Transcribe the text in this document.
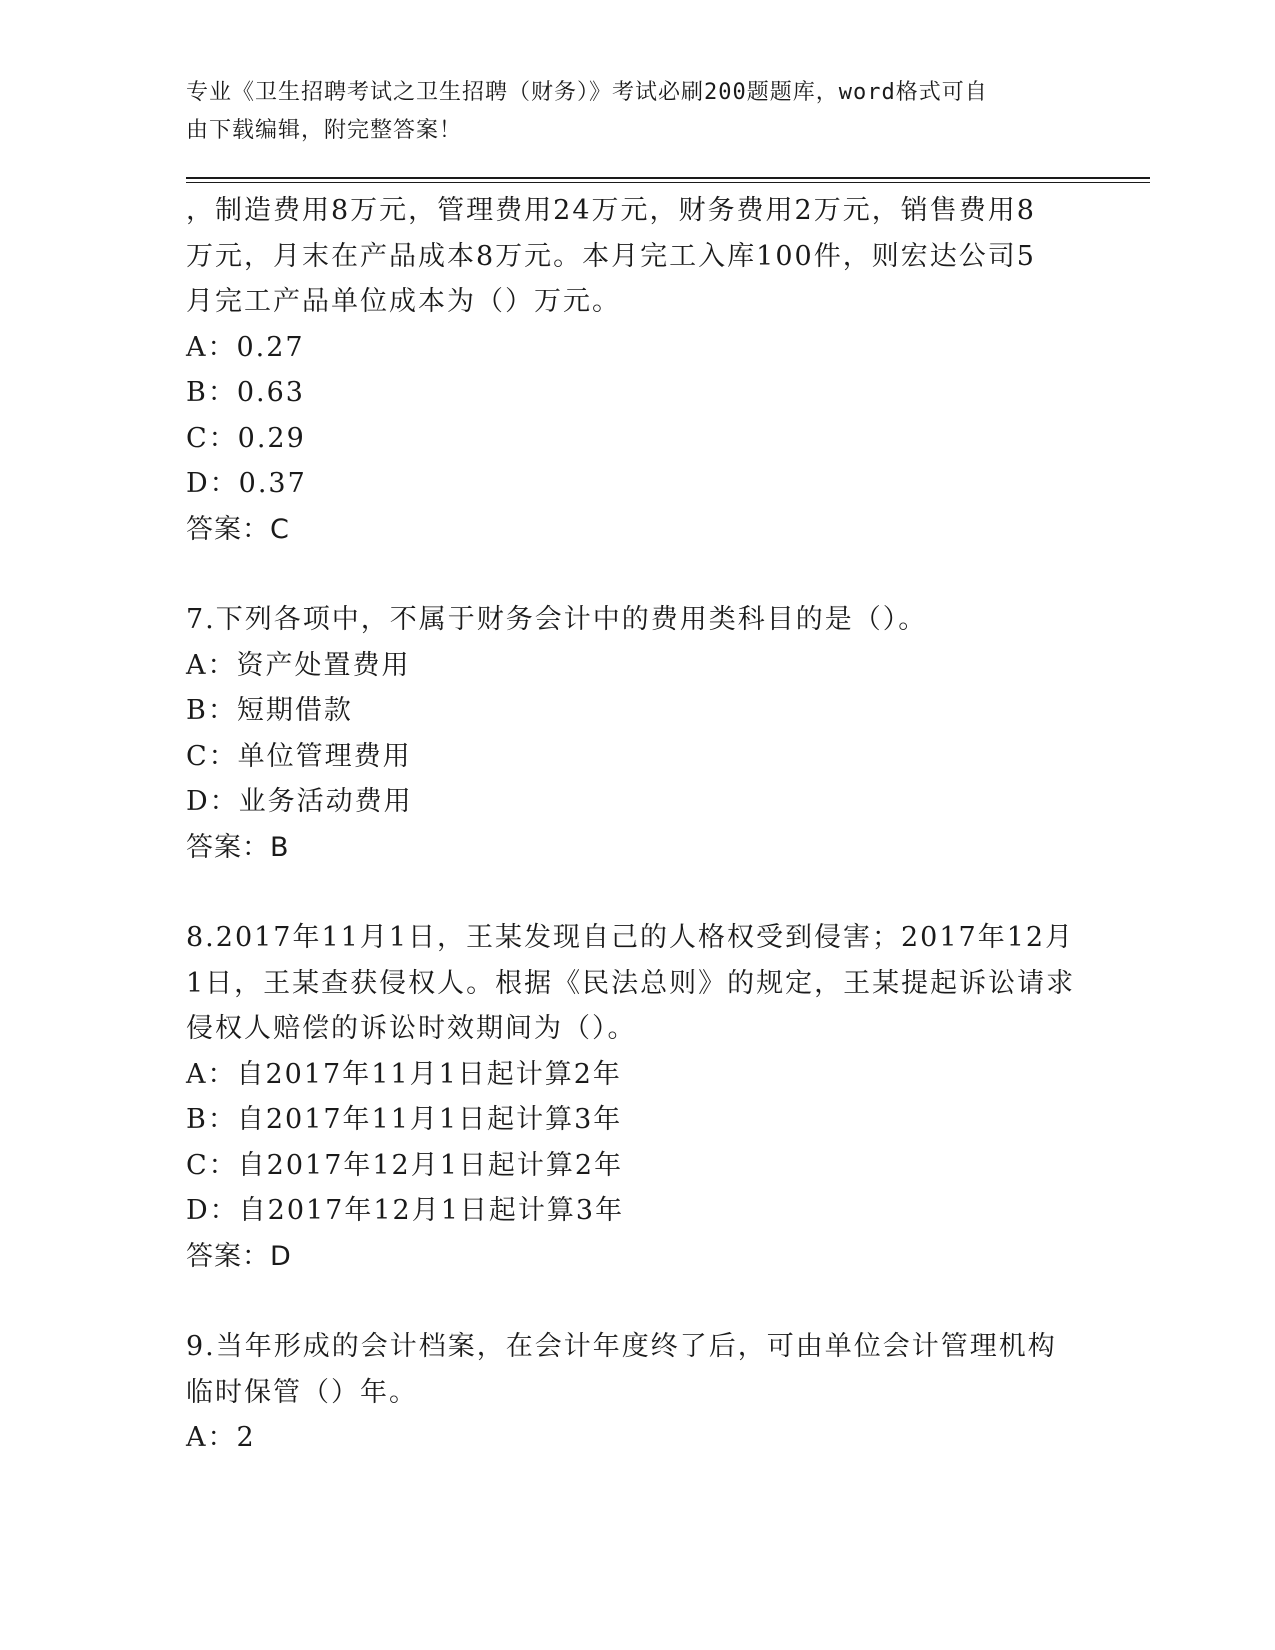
专业《卫生招聘考试之卫生招聘（财务）》考试必刷200题题库，word格式可自
由下载编辑，附完整答案！
，制造费用8万元，管理费用24万元，财务费用2万元，销售费用8
万元，月末在产品成本8万元。本月完工入库100件，则宏达公司5
月完工产品单位成本为（）万元。
A：0.27
B：0.63
C：0.29
D：0.37
答案：C
7.下列各项中，不属于财务会计中的费用类科目的是（）。
A：资产处置费用
B：短期借款
C：单位管理费用
D：业务活动费用
答案：B
8.2017年11月1日，王某发现自己的人格权受到侵害；2017年12月
1日，王某查获侵权人。根据《民法总则》的规定，王某提起诉讼请求
侵权人赔偿的诉讼时效期间为（）。
A：自2017年11月1日起计算2年
B：自2017年11月1日起计算3年
C：自2017年12月1日起计算2年
D：自2017年12月1日起计算3年
答案：D
9.当年形成的会计档案，在会计年度终了后，可由单位会计管理机构
临时保管（）年。
A：2
